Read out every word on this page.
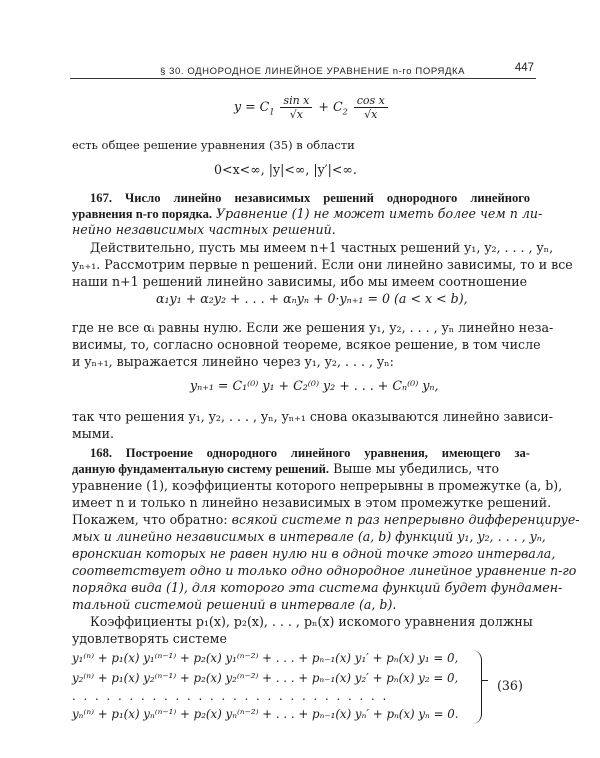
§ 30. ОДНОРОДНОЕ ЛИНЕЙНОЕ УРАВНЕНИЕ n-го ПОРЯДКА	447
$y = C_1 \frac{\text{sin x}}{√x} + C_2 \frac{\text{cos x}}{√x}$
есть общее решение уравнения (35) в области
0<x<∞, |y|<∞, |y′|<∞.
167. Число линейно независимых решений однородного линейного
уравнения n-го порядка. Уравнение (1) не может иметь более чем n ли-
нейно независимых частных решений.
Действительно, пусть мы имеем n+1 частных решений y₁, y₂, . . . , yₙ,
yₙ₊₁. Рассмотрим первые n решений. Если они линейно зависимы, то и все
наши n+1 решений линейно зависимы, ибо мы имеем соотношение
α₁y₁ + α₂y₂ + . . . + αₙyₙ + 0·yₙ₊₁ = 0 (a < x < b),
где не все αᵢ равны нулю. Если же решения y₁, y₂, . . . , yₙ линейно неза-
висимы, то, согласно основной теореме, всякое решение, в том числе
и yₙ₊₁, выражается линейно через y₁, y₂, . . . , yₙ:
yₙ₊₁ = C₁⁽⁰⁾ y₁ + C₂⁽⁰⁾ y₂ + . . . + Cₙ⁽⁰⁾ yₙ,
так что решения y₁, y₂, . . . , yₙ, yₙ₊₁ снова оказываются линейно зависи-
мыми.
168. Построение однородного линейного уравнения, имеющего за-
данную фундаментальную систему решений. Выше мы убедились, что
уравнение (1), коэффициенты которого непрерывны в промежутке (a, b),
имеет n и только n линейно независимых в этом промежутке решений.
Покажем, что обратно: всякой системе n раз непрерывно дифференцируе-
мых и линейно независимых в интервале (a, b) функций y₁, y₂, . . . , yₙ,
вронскиан которых не равен нулю ни в одной точке этого интервала,
соответствует одно и только одно однородное линейное уравнение n-го
порядка вида (1), для которого эта система функций будет фундамен-
тальной системой решений в интервале (a, b).
Коэффициенты p₁(x), p₂(x), . . . , pₙ(x) искомого уравнения должны
удовлетворять системе
y₁⁽ⁿ⁾ + p₁(x) y₁⁽ⁿ⁻¹⁾ + p₂(x) y₁⁽ⁿ⁻²⁾ + . . . + pₙ₋₁(x) y₁′ + pₙ(x) y₁ = 0,
y₂⁽ⁿ⁾ + p₁(x) y₂⁽ⁿ⁻¹⁾ + p₂(x) y₂⁽ⁿ⁻²⁾ + . . . + pₙ₋₁(x) y₂′ + pₙ(x) y₂ = 0,
. . . . . . . . . . . . . . . . . . . . . . . . . . . .
yₙ⁽ⁿ⁾ + p₁(x) yₙ⁽ⁿ⁻¹⁾ + p₂(x) yₙ⁽ⁿ⁻²⁾ + . . . + pₙ₋₁(x) yₙ′ + pₙ(x) yₙ = 0.
(36)
